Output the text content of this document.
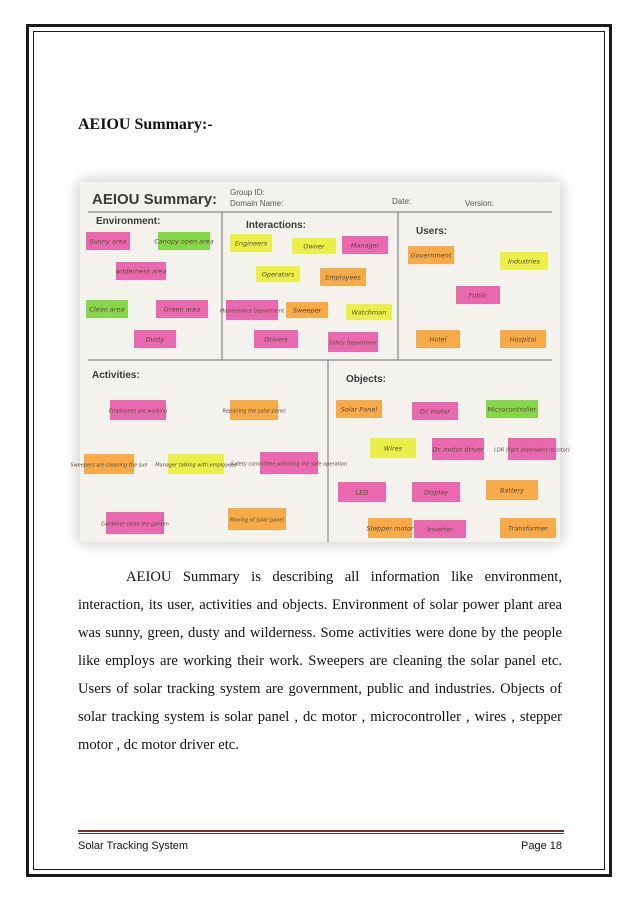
AEIOU Summary:-
AEIOU Summary: Group ID:
Domain Name:	Date:	Version:
Environment:	Interactions:
Users:
Activities:	Objects:
Sunny area	Canopy open area
wilderness area
Clean area	Green area
Dusty
Engineers	Owner	Manager
Operators	Employees
Maintenance Department Sweeper	Watchman
Drivers	Safety Department
Government
Industries
Public
Hotel	Hospital
Employees are working	Repairing the solar panel
Sweepers are cleaning the sun Manager talking with employees
Safety committee watching the safe operation
Gardener clean the garden
Moving of solar panel
Solar Panel	Dc motor	Microcontroller
Wires	Dc motor driver LDR (light dependent resistor)
LED	Display	Battery
Stepper motor Inverter	Transformer
AEIOU Summary is describing all information like environment, interaction, its user, activities and objects. Environment of solar power plant area was sunny, green, dusty and wilderness. Some activities were done by the people like employs are working their work. Sweepers are cleaning the solar panel etc. Users of solar tracking system are government, public and industries. Objects of solar tracking system is solar panel , dc motor , microcontroller , wires , stepper motor , dc motor driver etc.
Solar Tracking System	Page 18
